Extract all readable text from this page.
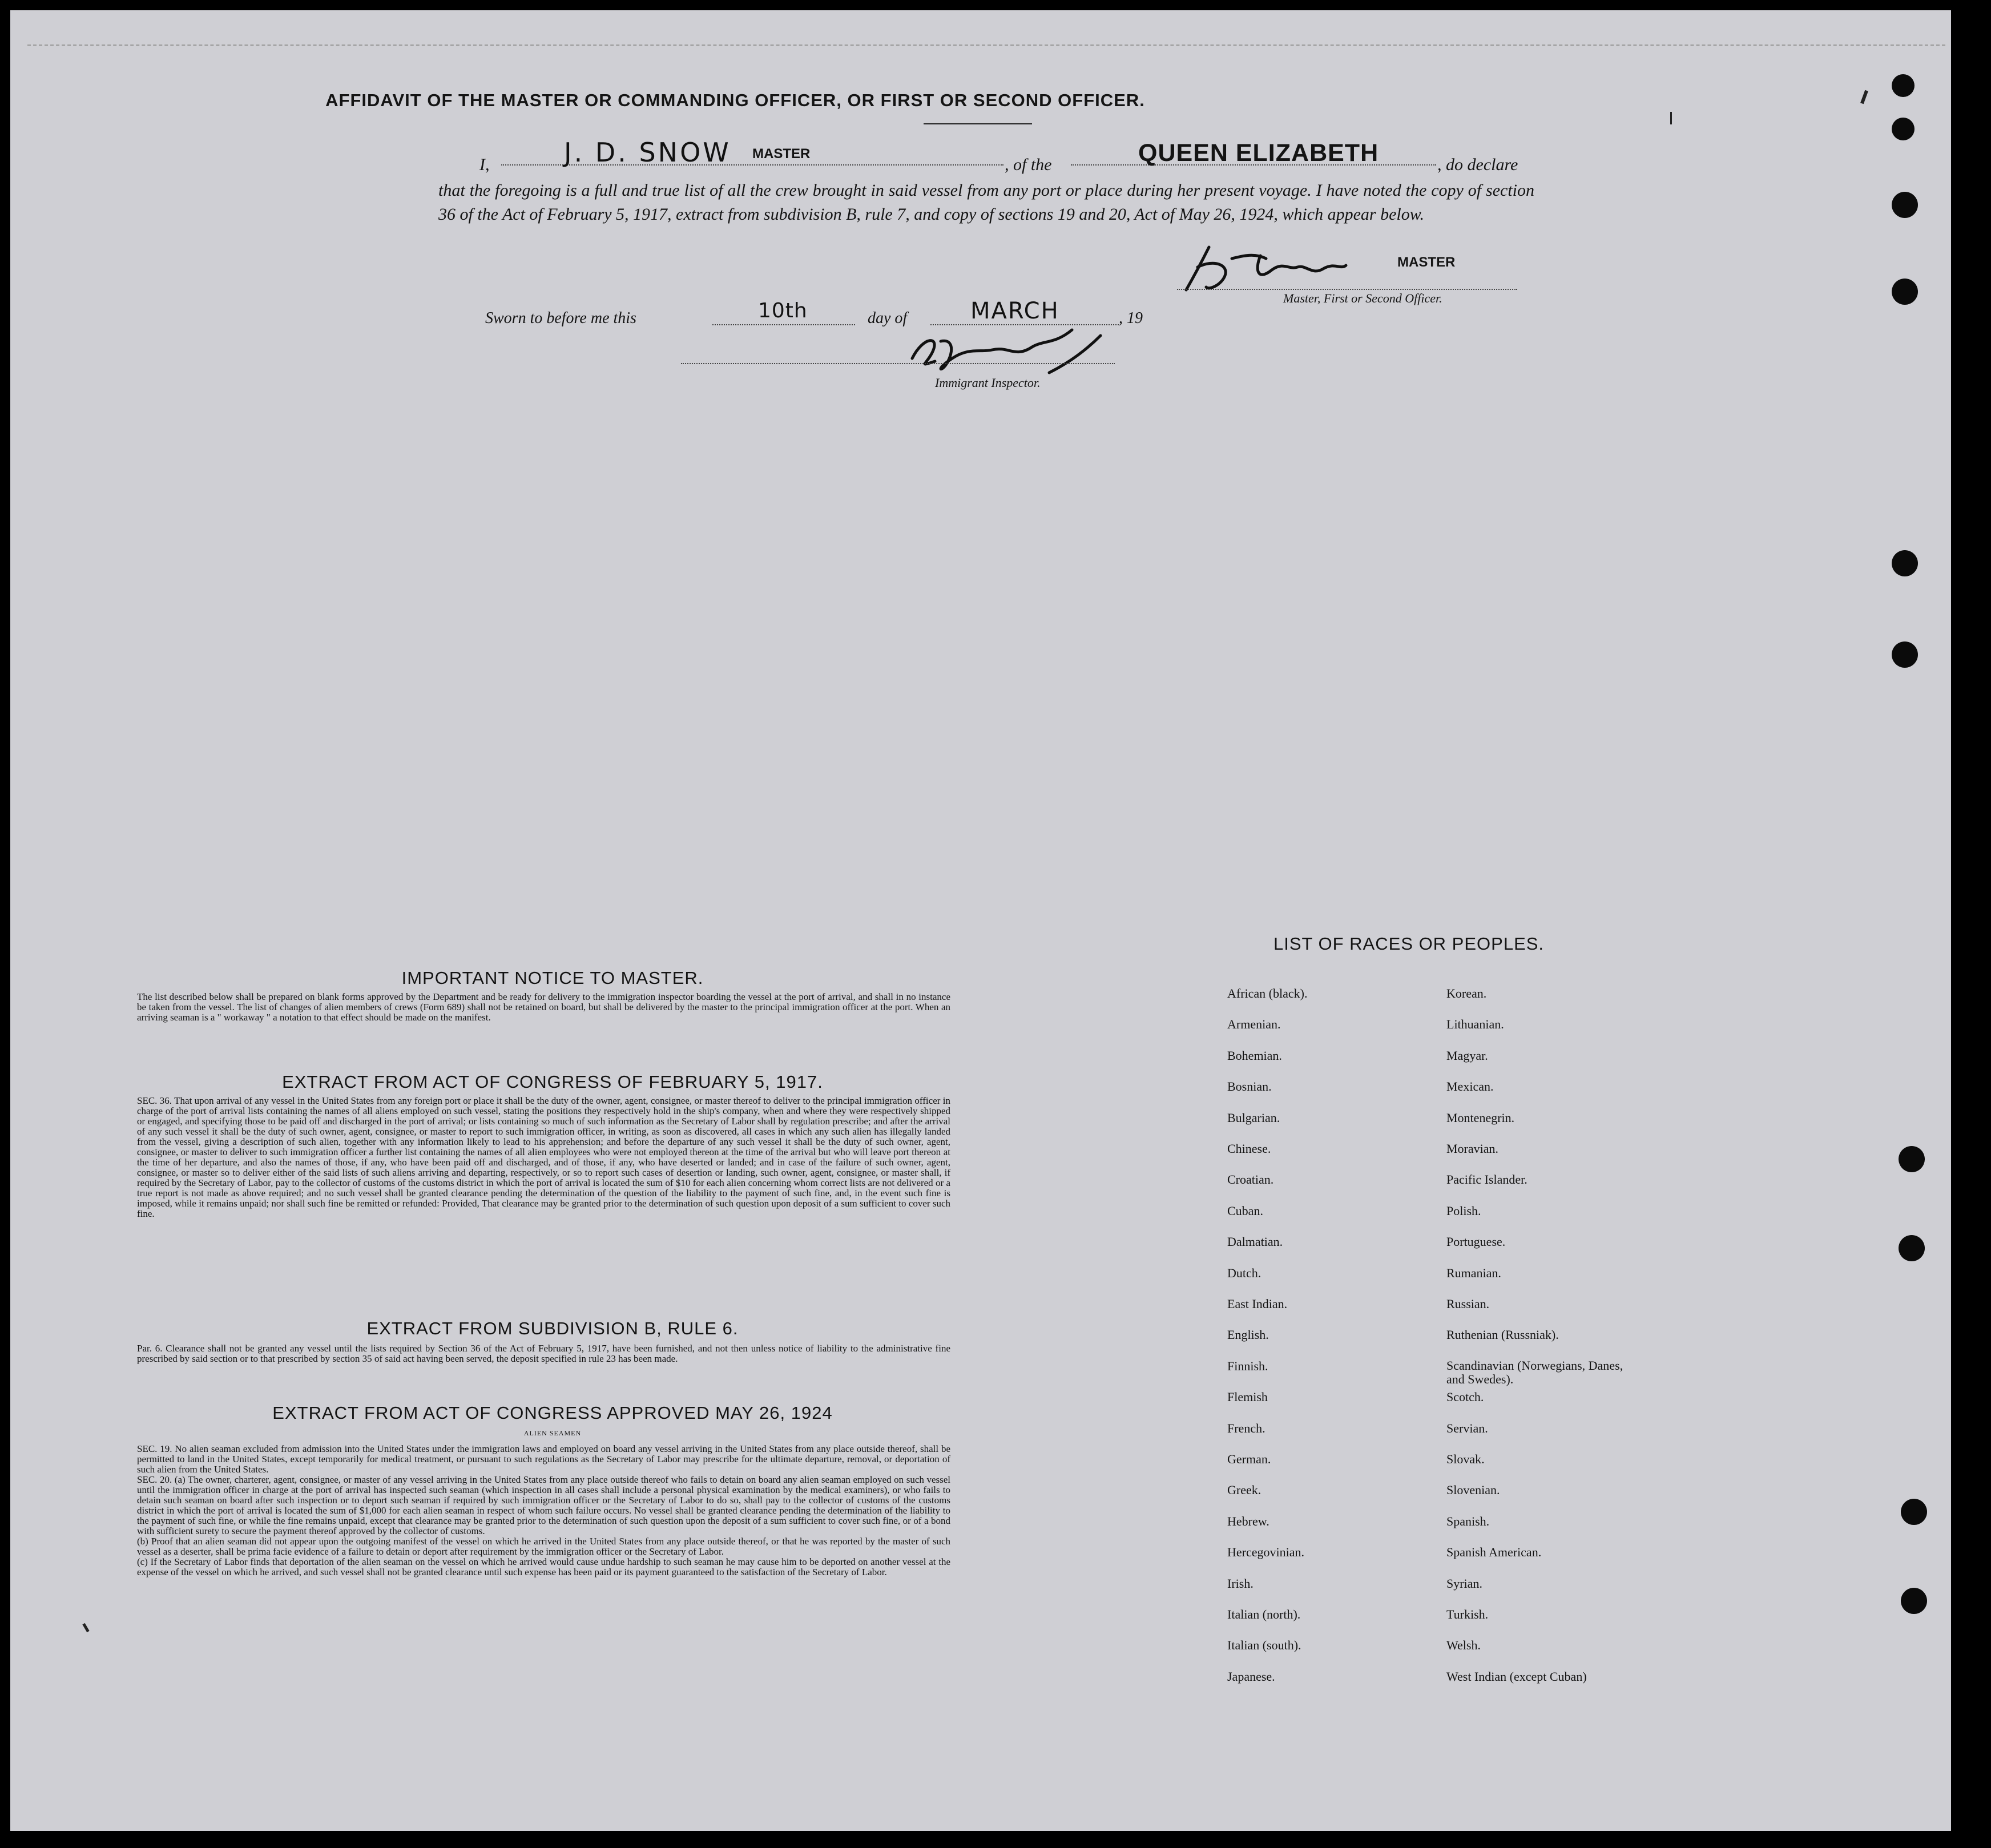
AFFIDAVIT OF THE MASTER OR COMMANDING OFFICER, OR FIRST OR SECOND OFFICER.
I,	J. D. SNOW MASTER
, of the	QUEEN ELIZABETH	, do declare
that the foregoing is a full and true list of all the crew brought in said vessel from any port or place during her present voyage. I have noted the copy of section 36 of the Act of February 5, 1917, extract from subdivision B, rule 7, and copy of sections 19 and 20, Act of May 26, 1924, which appear below.
MASTER
Master, First or Second Officer.
Sworn to before me this	10th	day of	MARCH	, 19
Immigrant Inspector.
IMPORTANT NOTICE TO MASTER.
The list described below shall be prepared on blank forms approved by the Department and be ready for delivery to the immigration inspector boarding the vessel at the port of arrival, and shall in no instance be taken from the vessel. The list of changes of alien members of crews (Form 689) shall not be retained on board, but shall be delivered by the master to the principal immigration officer at the port. When an arriving seaman is a " workaway " a notation to that effect should be made on the manifest.
EXTRACT FROM ACT OF CONGRESS OF FEBRUARY 5, 1917.
SEC. 36. That upon arrival of any vessel in the United States from any foreign port or place it shall be the duty of the owner, agent, consignee, or master thereof to deliver to the principal immigration officer in charge of the port of arrival lists containing the names of all aliens employed on such vessel, stating the positions they respectively hold in the ship's company, when and where they were respectively shipped or engaged, and specifying those to be paid off and discharged in the port of arrival; or lists containing so much of such information as the Secretary of Labor shall by regulation prescribe; and after the arrival of any such vessel it shall be the duty of such owner, agent, consignee, or master to report to such immigration officer, in writing, as soon as discovered, all cases in which any such alien has illegally landed from the vessel, giving a description of such alien, together with any information likely to lead to his apprehension; and before the departure of any such vessel it shall be the duty of such owner, agent, consignee, or master to deliver to such immigration officer a further list containing the names of all alien employees who were not employed thereon at the time of the arrival but who will leave port thereon at the time of her departure, and also the names of those, if any, who have been paid off and discharged, and of those, if any, who have deserted or landed; and in case of the failure of such owner, agent, consignee, or master so to deliver either of the said lists of such aliens arriving and departing, respectively, or so to report such cases of desertion or landing, such owner, agent, consignee, or master shall, if required by the Secretary of Labor, pay to the collector of customs of the customs district in which the port of arrival is located the sum of $10 for each alien concerning whom correct lists are not delivered or a true report is not made as above required; and no such vessel shall be granted clearance pending the determination of the question of the liability to the payment of such fine, and, in the event such fine is imposed, while it remains unpaid; nor shall such fine be remitted or refunded: Provided, That clearance may be granted prior to the determination of such question upon deposit of a sum sufficient to cover such fine.
EXTRACT FROM SUBDIVISION B, RULE 6.
Par. 6. Clearance shall not be granted any vessel until the lists required by Section 36 of the Act of February 5, 1917, have been furnished, and not then unless notice of liability to the administrative fine prescribed by said section or to that prescribed by section 35 of said act having been served, the deposit specified in rule 23 has been made.
EXTRACT FROM ACT OF CONGRESS APPROVED MAY 26, 1924
ALIEN SEAMEN
SEC. 19. No alien seaman excluded from admission into the United States under the immigration laws and employed on board any vessel arriving in the United States from any place outside thereof, shall be permitted to land in the United States, except temporarily for medical treatment, or pursuant to such regulations as the Secretary of Labor may prescribe for the ultimate departure, removal, or deportation of such alien from the United States.
SEC. 20. (a) The owner, charterer, agent, consignee, or master of any vessel arriving in the United States from any place outside thereof who fails to detain on board any alien seaman employed on such vessel until the immigration officer in charge at the port of arrival has inspected such seaman (which inspection in all cases shall include a personal physical examination by the medical examiners), or who fails to detain such seaman on board after such inspection or to deport such seaman if required by such immigration officer or the Secretary of Labor to do so, shall pay to the collector of customs of the customs district in which the port of arrival is located the sum of $1,000 for each alien seaman in respect of whom such failure occurs. No vessel shall be granted clearance pending the determination of the liability to the payment of such fine, or while the fine remains unpaid, except that clearance may be granted prior to the determination of such question upon the deposit of a sum sufficient to cover such fine, or of a bond with sufficient surety to secure the payment thereof approved by the collector of customs.
(b) Proof that an alien seaman did not appear upon the outgoing manifest of the vessel on which he arrived in the United States from any place outside thereof, or that he was reported by the master of such vessel as a deserter, shall be prima facie evidence of a failure to detain or deport after requirement by the immigration officer or the Secretary of Labor.
(c) If the Secretary of Labor finds that deportation of the alien seaman on the vessel on which he arrived would cause undue hardship to such seaman he may cause him to be deported on another vessel at the expense of the vessel on which he arrived, and such vessel shall not be granted clearance until such expense has been paid or its payment guaranteed to the satisfaction of the Secretary of Labor.
LIST OF RACES OR PEOPLES.
African (black).
Armenian.
Bohemian.
Bosnian.
Bulgarian.
Chinese.
Croatian.
Cuban.
Dalmatian.
Dutch.
East Indian.
English.
Finnish.
Flemish
French.
German.
Greek.
Hebrew.
Hercegovinian.
Irish.
Italian (north).
Italian (south).
Japanese.
Korean.
Lithuanian.
Magyar.
Mexican.
Montenegrin.
Moravian.
Pacific Islander.
Polish.
Portuguese.
Rumanian.
Russian.
Ruthenian (Russniak).
Scandinavian (Norwegians, Danes, and Swedes).
Scotch.
Servian.
Slovak.
Slovenian.
Spanish.
Spanish American.
Syrian.
Turkish.
Welsh.
West Indian (except Cuban)
